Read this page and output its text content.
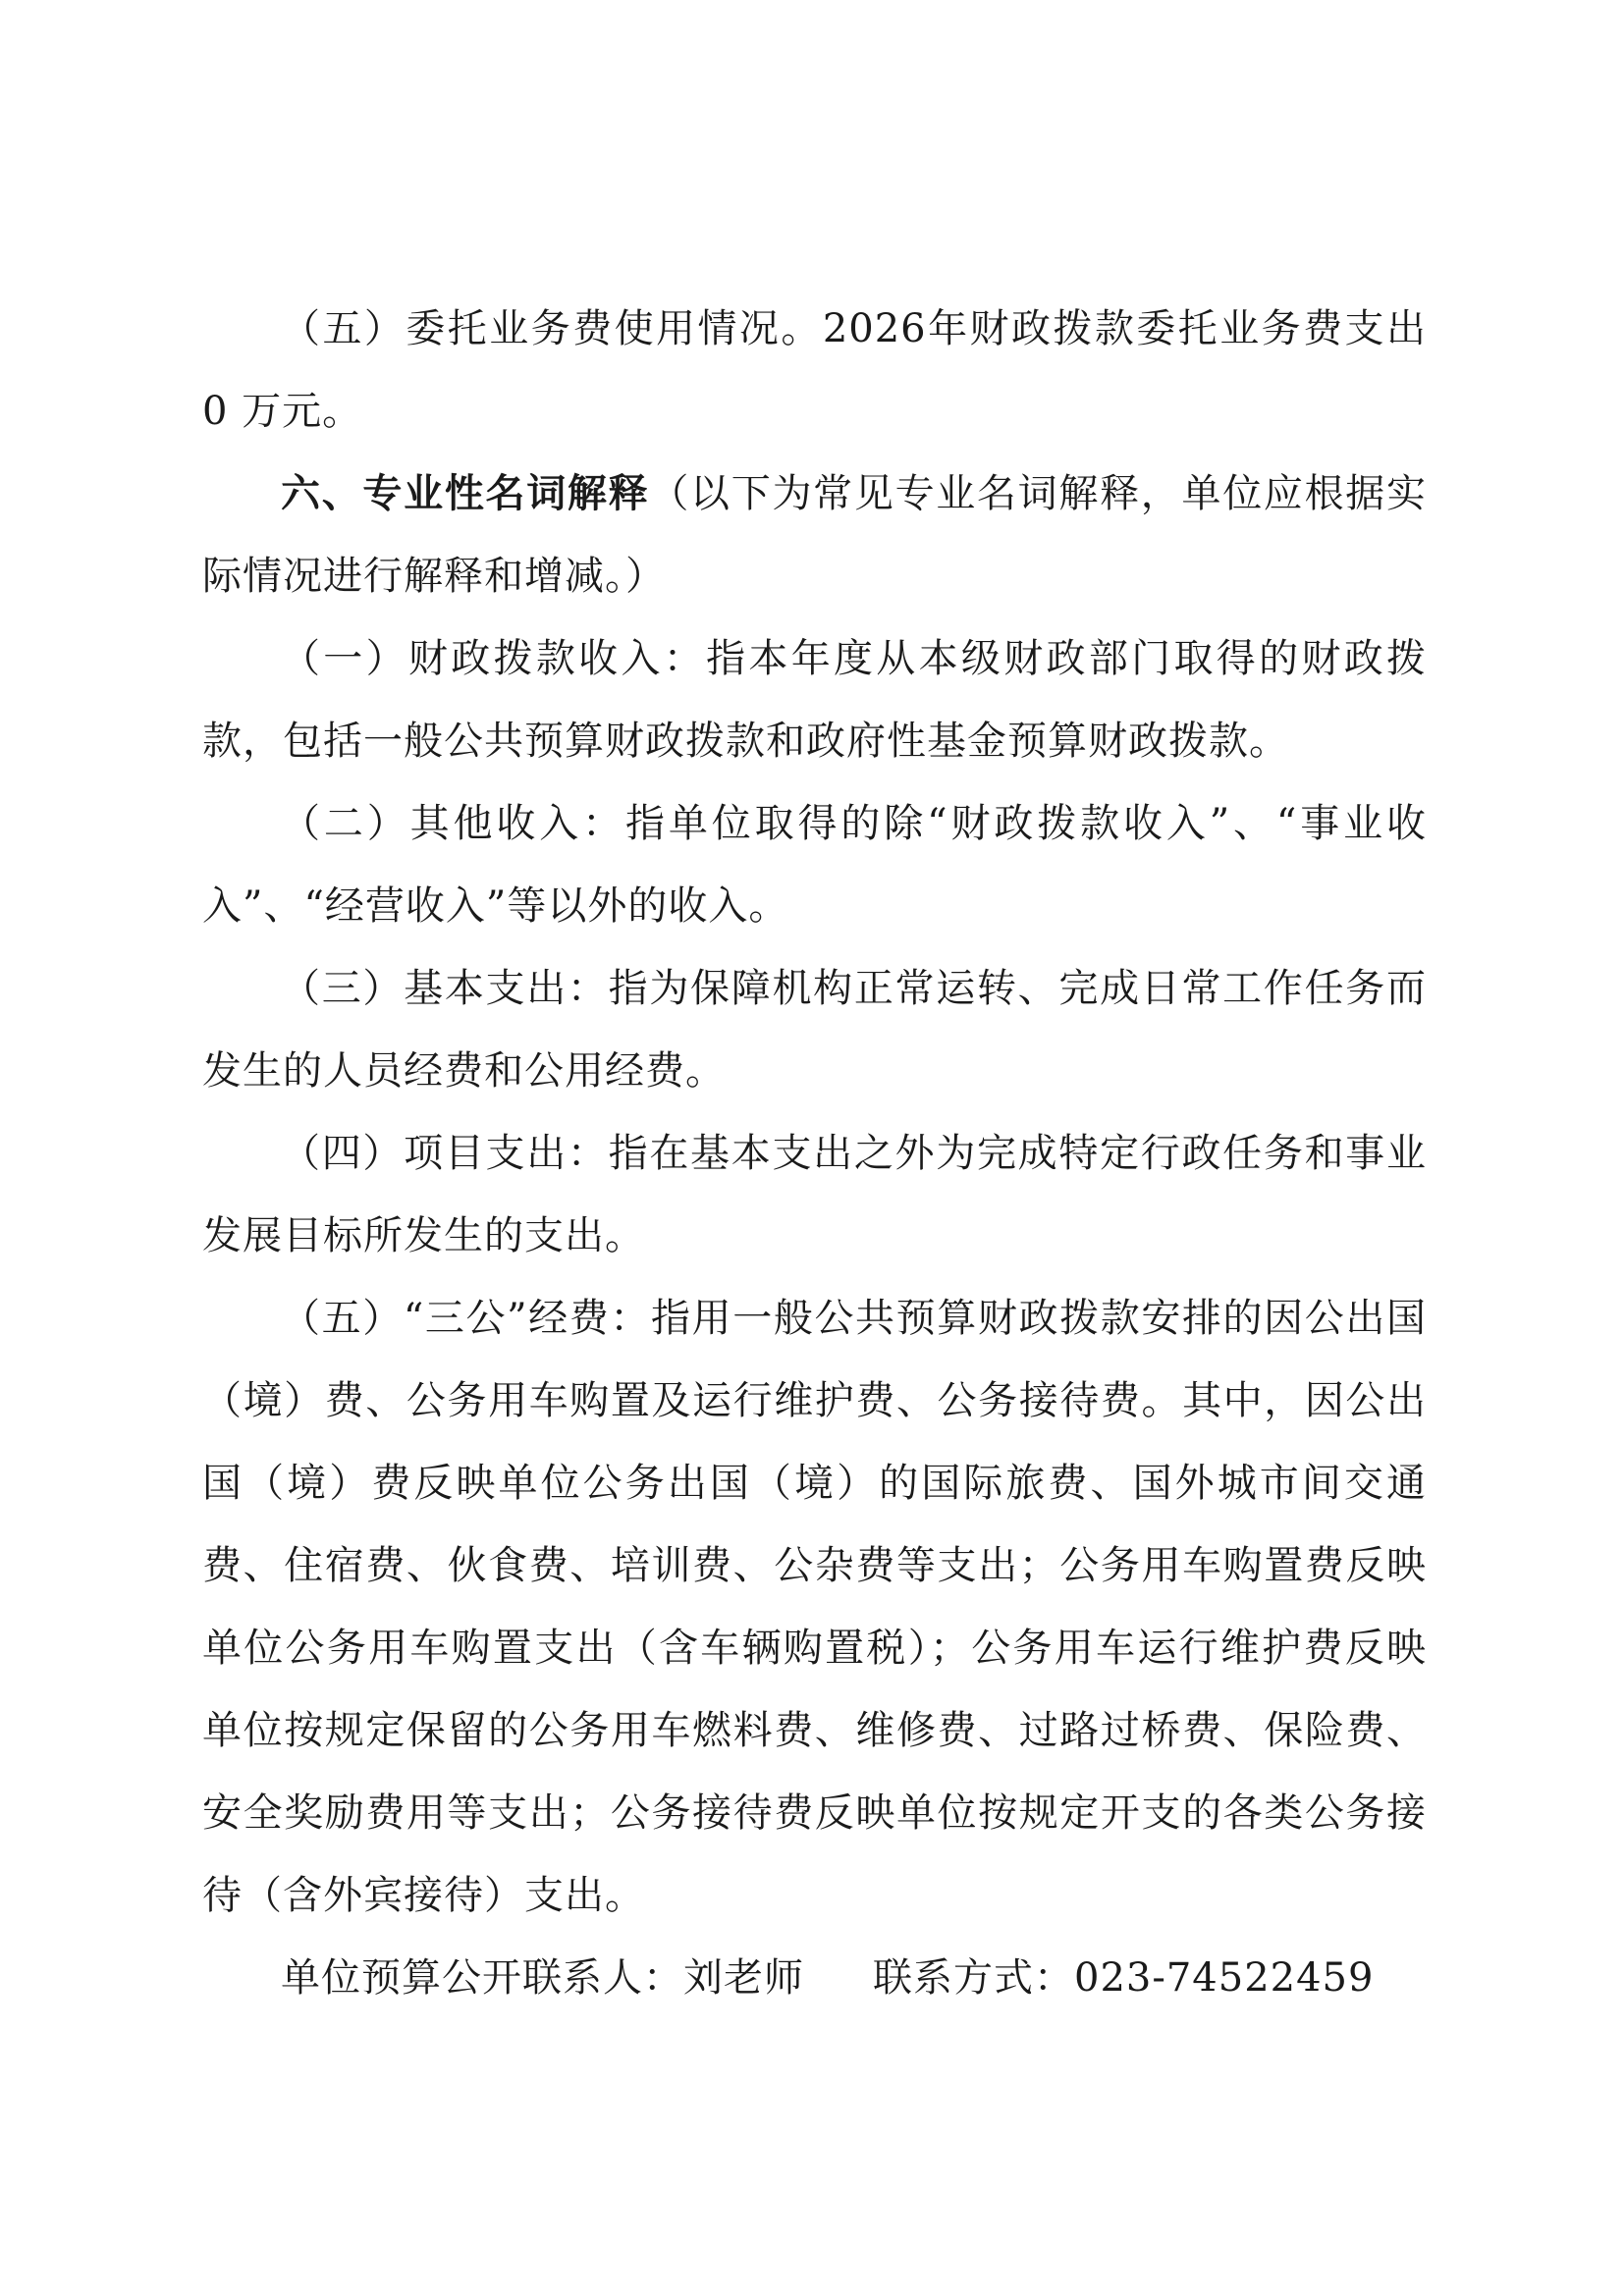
（五）委托业务费使用情况。2026年财政拨款委托业务费支出 0 万元。

六、专业性名词解释（以下为常见专业名词解释，单位应根据实际情况进行解释和增减。）

（一）财政拨款收入：指本年度从本级财政部门取得的财政拨款，包括一般公共预算财政拨款和政府性基金预算财政拨款。

（二）其他收入：指单位取得的除“财政拨款收入”、“事业收入”、“经营收入”等以外的收入。

（三）基本支出：指为保障机构正常运转、完成日常工作任务而发生的人员经费和公用经费。

（四）项目支出：指在基本支出之外为完成特定行政任务和事业发展目标所发生的支出。

（五）“三公”经费：指用一般公共预算财政拨款安排的因公出国（境）费、公务用车购置及运行维护费、公务接待费。其中，因公出国（境）费反映单位公务出国（境）的国际旅费、国外城市间交通费、住宿费、伙食费、培训费、公杂费等支出；公务用车购置费反映单位公务用车购置支出（含车辆购置税）；公务用车运行维护费反映单位按规定保留的公务用车燃料费、维修费、过路过桥费、保险费、安全奖励费用等支出；公务接待费反映单位按规定开支的各类公务接待（含外宾接待）支出。

单位预算公开联系人：刘老师 联系方式：023-74522459
